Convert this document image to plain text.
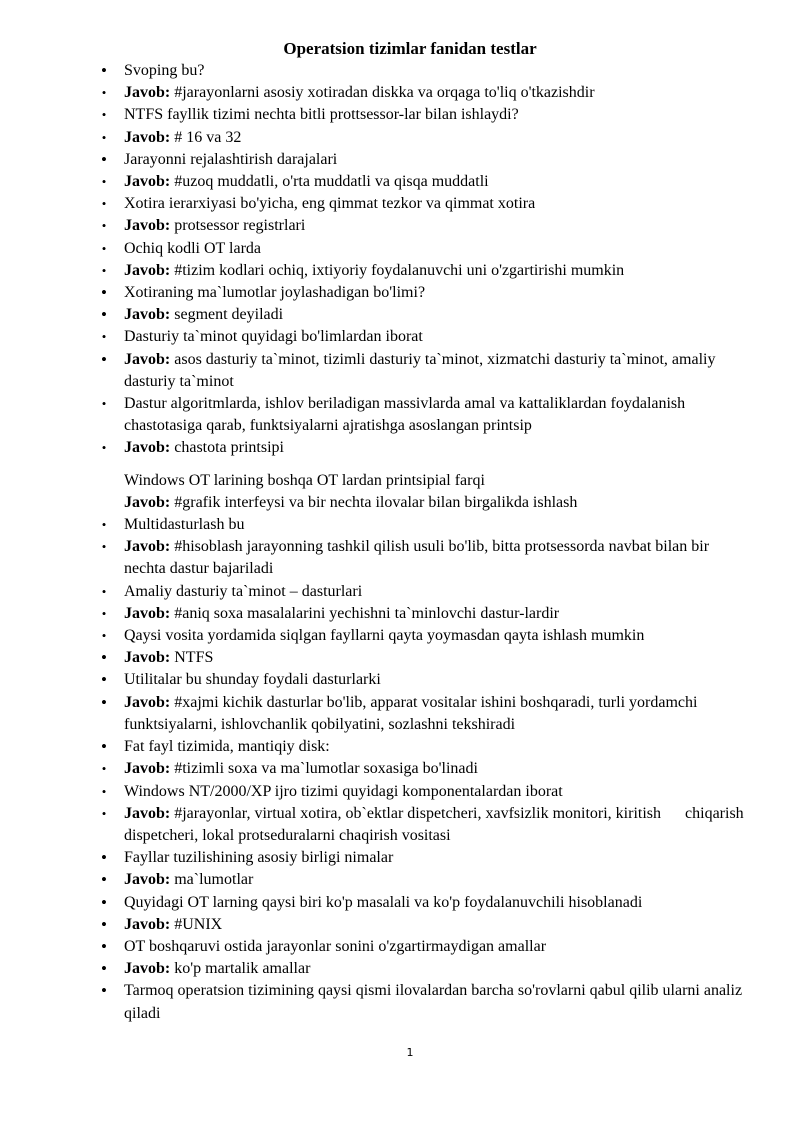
Operatsion tizimlar fanidan testlar
• Svoping bu?
• Javob: #jarayonlarni asosiy xotiradan diskka va orqaga to'liq o'tkazishdir
• NTFS fayllik tizimi nechta bitli prottsessor-lar bilan ishlaydi?
• Javob: # 16 va 32
• Jarayonni rejalashtirish darajalari
• Javob: #uzoq muddatli, o'rta muddatli va qisqa muddatli
• Xotira ierarxiyasi bo'yicha, eng qimmat tezkor va qimmat xotira
• Javob: protsessor registrlari
• Ochiq kodli OT larda
• Javob: #tizim kodlari ochiq, ixtiyoriy foydalanuvchi uni o'zgartirishi mumkin
• Xotiraning ma`lumotlar joylashadigan bo'limi?
• Javob: segment deyiladi
• Dasturiy ta`minot quyidagi bo'limlardan iborat
• Javob: asos dasturiy ta`minot, tizimli dasturiy ta`minot, xizmatchi dasturiy ta`minot, amaliy dasturiy ta`minot
• Dastur algoritmlarda, ishlov beriladigan massivlarda amal va kattaliklardan foydalanish chastotasiga qarab, funktsiyalarni ajratishga asoslangan printsip
• Javob: chastota printsipi
Windows OT larining boshqa OT lardan printsipial farqi
Javob: #grafik interfeysi va bir nechta ilovalar bilan birgalikda ishlash
• Multidasturlash bu
• Javob: #hisoblash jarayonning tashkil qilish usuli bo'lib, bitta protsessorda navbat bilan bir nechta dastur bajariladi
• Amaliy dasturiy ta`minot – dasturlari
• Javob: #aniq soxa masalalarini yechishni ta`minlovchi dastur-lardir
• Qaysi vosita yordamida siqlgan fayllarni qayta yoymasdan qayta ishlash mumkin
• Javob: NTFS
• Utilitalar bu shunday foydali dasturlarki
• Javob: #xajmi kichik dasturlar bo'lib, apparat vositalar ishini boshqaradi, turli yordamchi funktsiyalarni, ishlovchanlik qobilyatini, sozlashni tekshiradi
• Fat fayl tizimida, mantiqiy disk:
• Javob: #tizimli soxa va ma`lumotlar soxasiga bo'linadi
• Windows NT/2000/XP ijro tizimi quyidagi komponentalardan iborat
• Javob: #jarayonlar, virtual xotira, ob`ektlar dispetcheri, xavfsizlik monitori, kiritish      chiqarish dispetcheri, lokal protseduralarni chaqirish vositasi
• Fayllar tuzilishining asosiy birligi nimalar
• Javob: ma`lumotlar
• Quyidagi OT larning qaysi biri ko'p masalali va ko'p foydalanuvchili hisoblanadi
• Javob: #UNIX
• OT boshqaruvi ostida jarayonlar sonini o'zgartirmaydigan amallar
• Javob: ko'p martalik amallar
• Tarmoq operatsion tizimining qaysi qismi ilovalardan barcha so'rovlarni qabul qilib ularni analiz qiladi
1
